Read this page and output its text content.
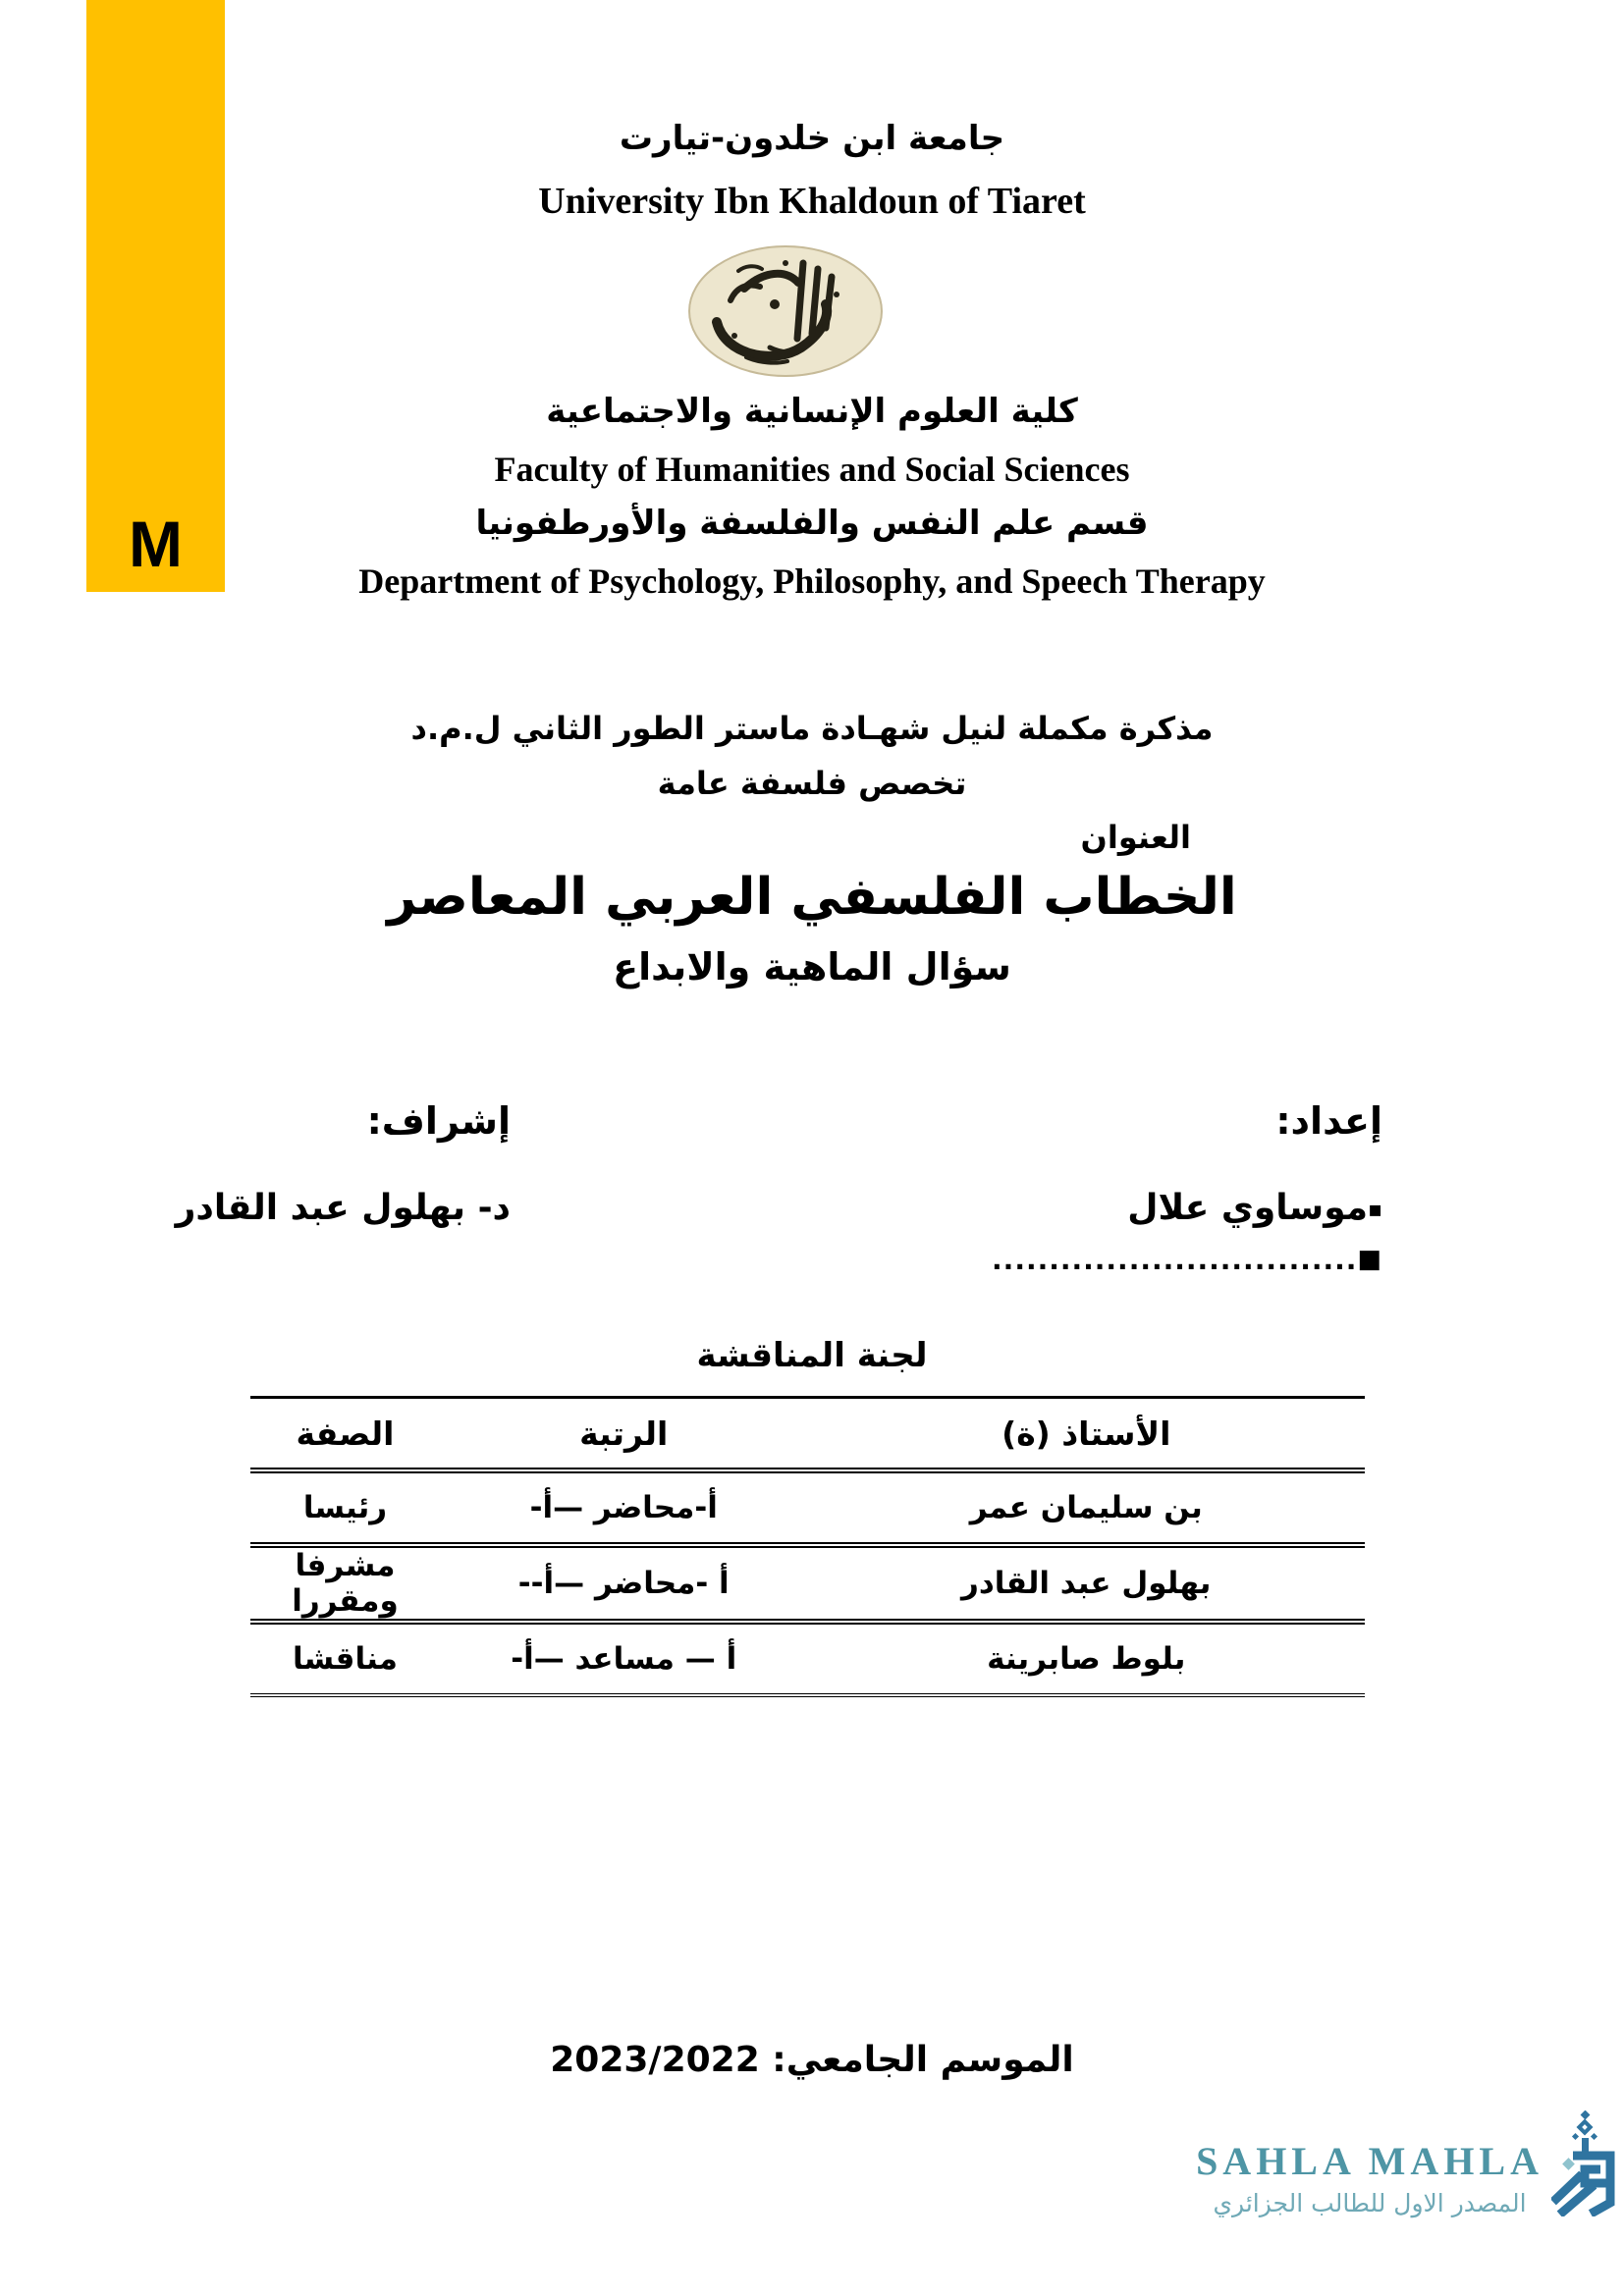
M
جامعة ابن خلدون-تيارت
University Ibn Khaldoun of Tiaret
كلية العلوم الإنسانية والاجتماعية
Faculty of Humanities and Social Sciences
قسم علم النفس والفلسفة والأورطفونيا
Department of Psychology, Philosophy, and Speech Therapy
مذكرة مكملة لنيل شهـادة ماستر الطور الثاني ل.م.د
تخصص فلسفة عامة
العنوان
الخطاب الفلسفي العربي المعاصر
سؤال الماهية والابداع
إعداد:
▪موساوي علال
■................................
إشراف:
د- بهلول عبد القادر
لجنة المناقشة
الأستاذ (ة)	الرتبة	الصفة
بن سليمان عمر	أ-محاضر —أ-	رئيسا
بهلول عبد القادر	أ -محاضر —أ--	مشرفا ومقررا
بلوط صابرينة	أ — مساعد —أ-	مناقشا
الموسم الجامعي: 2023/2022
SAHLA MAHLA
المصدر الاول للطالب الجزائري
